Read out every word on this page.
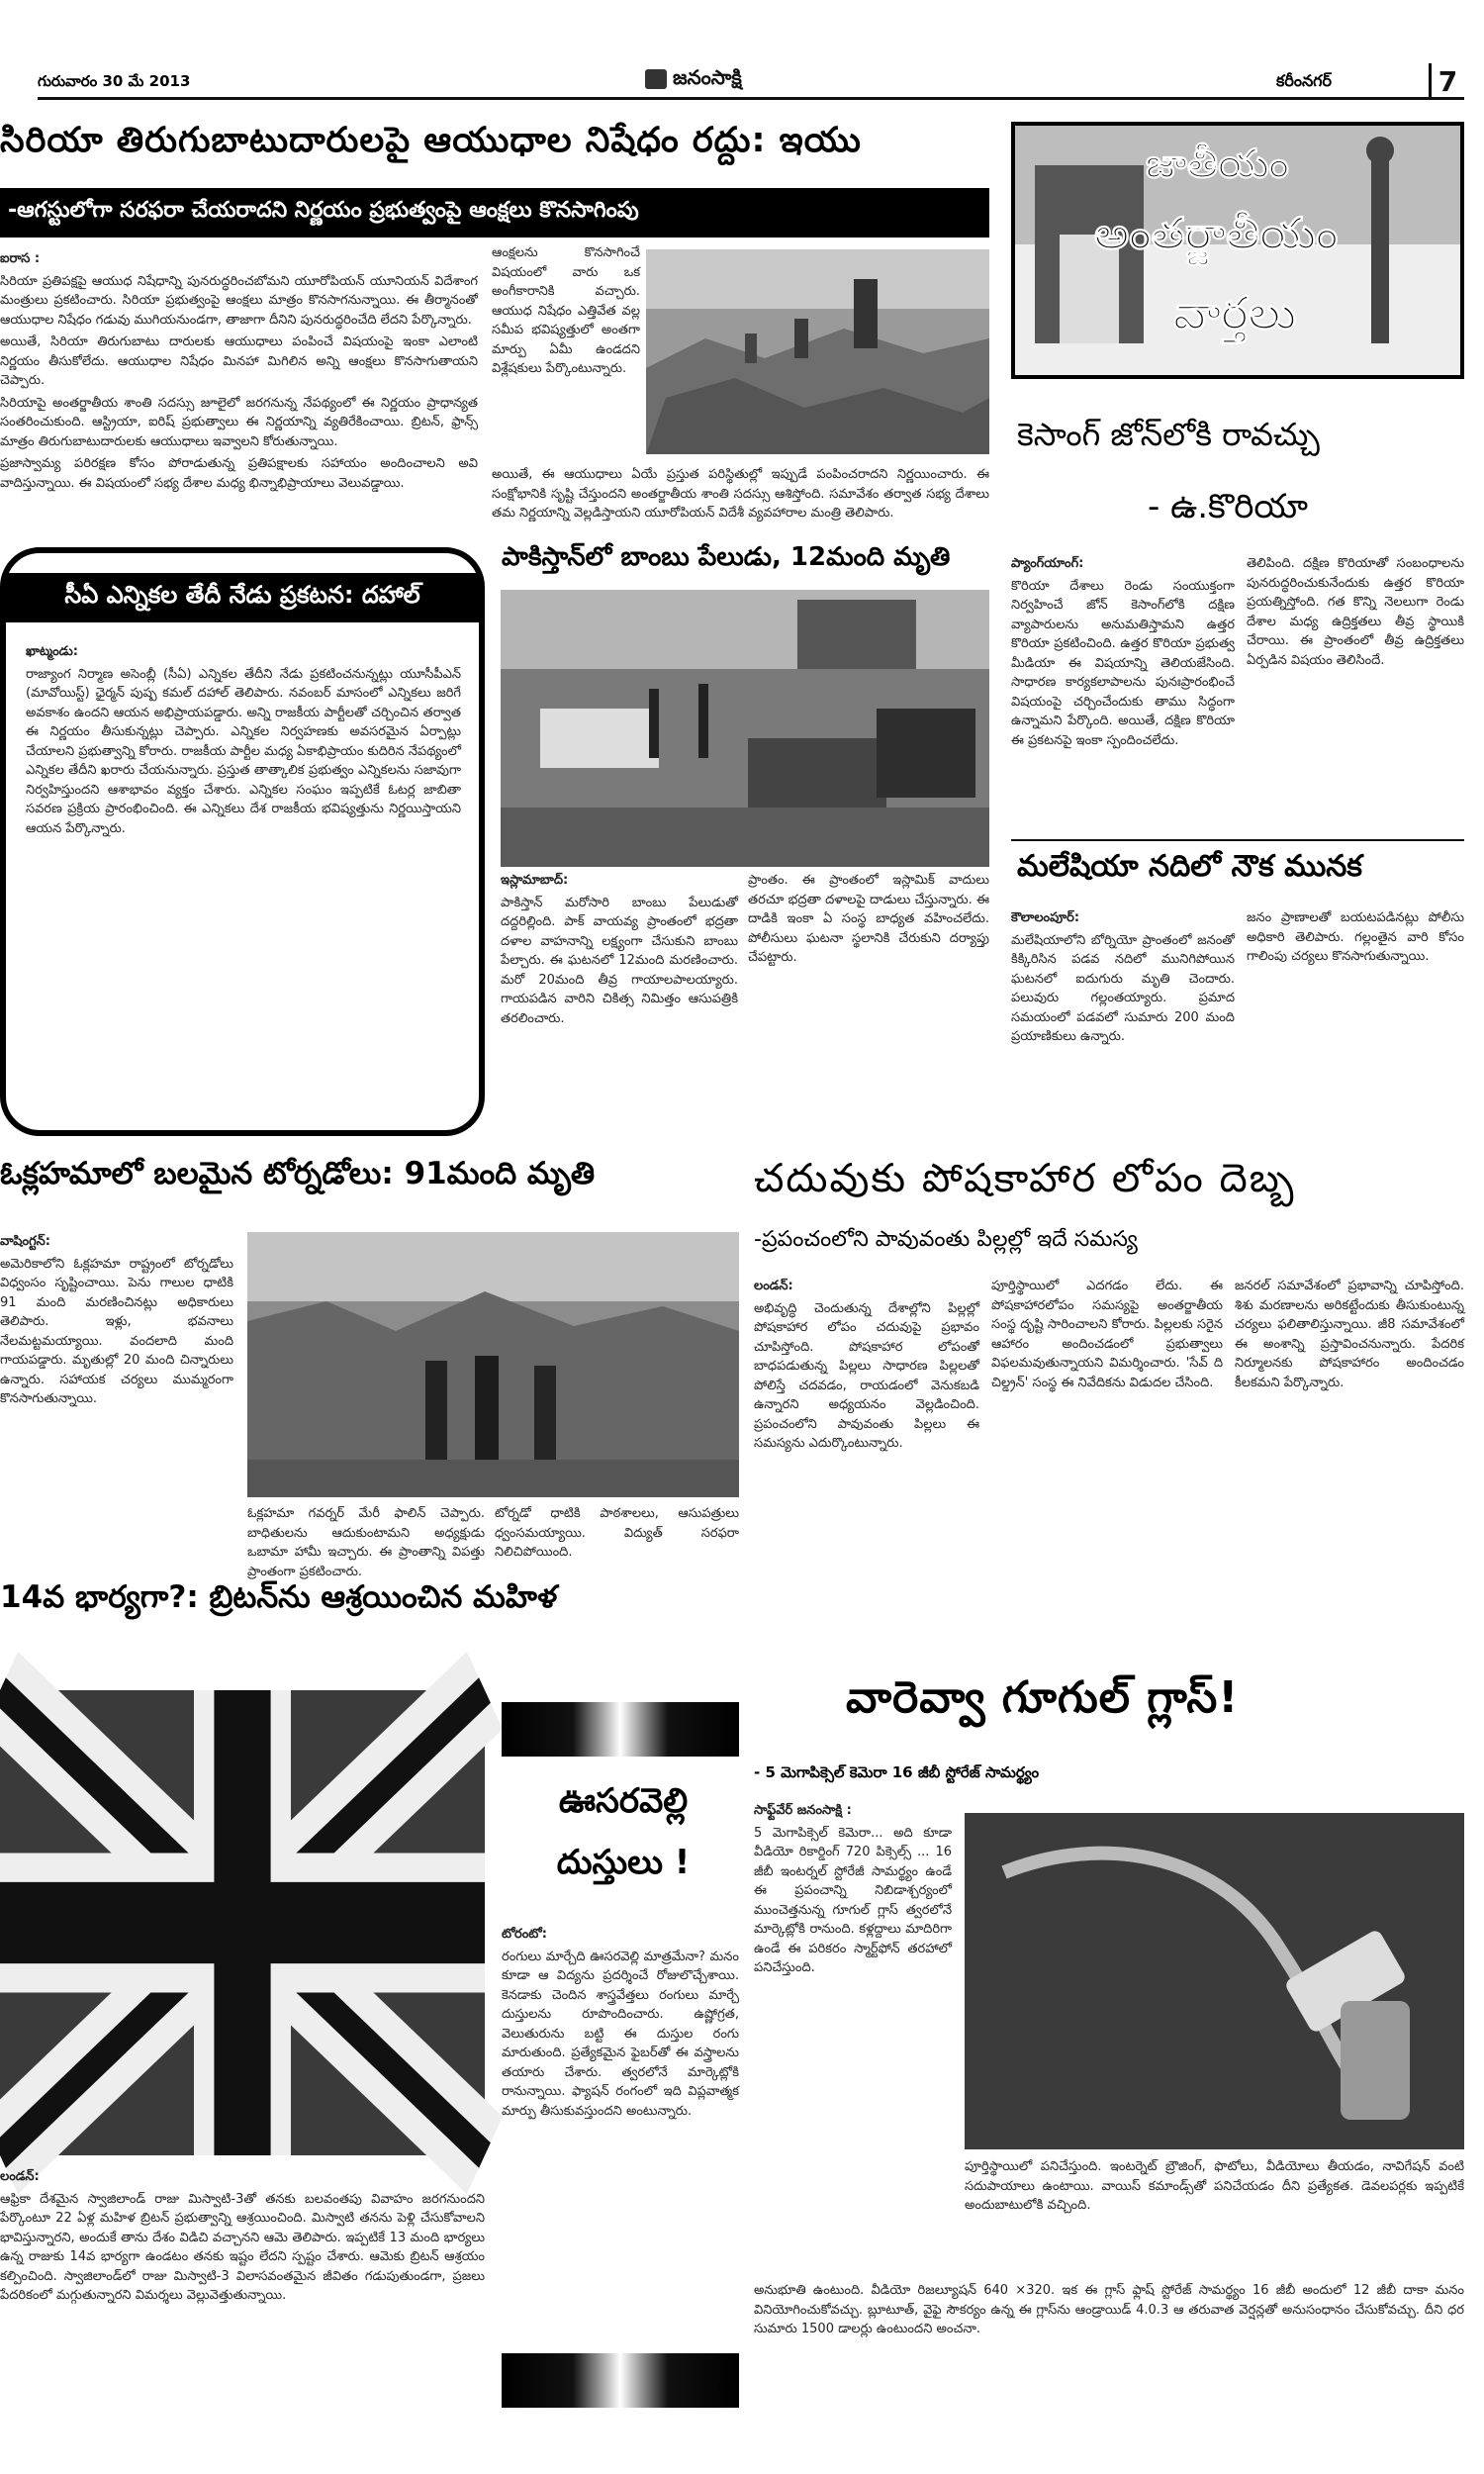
గురువారం 30 మే 2013	జనంసాక్షి	కరీంనగర్	7
సిరియా తిరుగుబాటుదారులపై ఆయుధాల నిషేధం రద్దు: ఇయు
-ఆగస్టులోగా సరఫరా చేయరాదని నిర్ణయం ప్రభుత్వంపై ఆంక్షలు కొనసాగింపు
ఐరాస :
సిరియా ప్రతిపక్షపై ఆయుధ నిషేధాన్ని పునరుద్ధరించబోమని యూరోపియన్ యూనియన్ విదేశాంగ మంత్రులు ప్రకటించారు. సిరియా ప్రభుత్వంపై ఆంక్షలు మాత్రం కొనసాగనున్నాయి. ఈ తీర్మానంతో ఆయుధాల నిషేధం గడువు ముగియనుండగా, తాజాగా దీనిని పునరుద్ధరించేది లేదని పేర్కొన్నారు.
అయితే, సిరియా తిరుగుబాటు దారులకు ఆయుధాలు పంపించే విషయంపై ఇంకా ఎలాంటి నిర్ణయం తీసుకోలేదు. ఆయుధాల నిషేధం మినహా మిగిలిన అన్ని ఆంక్షలు కొనసాగుతాయని చెప్పారు.
సిరియాపై అంతర్జాతీయ శాంతి సదస్సు జూలైలో జరగనున్న నేపథ్యంలో ఈ నిర్ణయం ప్రాధాన్యత సంతరించుకుంది. ఆస్ట్రియా, ఐరిష్ ప్రభుత్వాలు ఈ నిర్ణయాన్ని వ్యతిరేకించాయి. బ్రిటన్, ఫ్రాన్స్ మాత్రం తిరుగుబాటుదారులకు ఆయుధాలు ఇవ్వాలని కోరుతున్నాయి.
ప్రజాస్వామ్య పరిరక్షణ కోసం పోరాడుతున్న ప్రతిపక్షాలకు సహాయం అందించాలని అవి వాదిస్తున్నాయి. ఈ విషయంలో సభ్య దేశాల మధ్య భిన్నాభిప్రాయాలు వెలువడ్డాయి.
ఆంక్షలను కొనసాగించే విషయంలో వారు ఒక అంగీకారానికి వచ్చారు. ఆయుధ నిషేధం ఎత్తివేత వల్ల సమీప భవిష్యత్తులో అంతగా మార్పు ఏమీ ఉండదని విశ్లేషకులు పేర్కొంటున్నారు.
అయితే, ఈ ఆయుధాలు ఏయే ప్రస్తుత పరిస్థితుల్లో ఇప్పుడే పంపించరాదని నిర్ణయించారు. ఈ సంక్షోభానికి సృష్టి చేస్తుందని అంతర్జాతీయ శాంతి సదస్సు ఆశిస్తోంది. సమావేశం తర్వాత సభ్య దేశాలు తమ నిర్ణయాన్ని వెల్లడిస్తాయని యూరోపియన్ విదేశీ వ్యవహారాల మంత్రి తెలిపారు.
జాతీయం
అంతర్జాతీయం
వార్తలు
కెసాంగ్ జోన్‌లోకి రావచ్చు
- ఉ.కొరియా
ప్యాంగ్‌యాంగ్:
కొరియా దేశాలు రెండు సంయుక్తంగా నిర్వహించే జోన్ కెసాంగ్‌లోకి దక్షిణ వ్యాపారులను అనుమతిస్తామని ఉత్తర కొరియా ప్రకటించింది. ఉత్తర కొరియా ప్రభుత్వ మీడియా ఈ విషయాన్ని తెలియజేసింది. సాధారణ కార్యకలాపాలను పునఃప్రారంభించే విషయంపై చర్చించేందుకు తాము సిద్ధంగా ఉన్నామని పేర్కొంది. అయితే, దక్షిణ కొరియా ఈ ప్రకటనపై ఇంకా స్పందించలేదు.
తెలిపింది. దక్షిణ కొరియాతో సంబంధాలను పునరుద్ధరించుకునేందుకు ఉత్తర కొరియా ప్రయత్నిస్తోంది. గత కొన్ని నెలలుగా రెండు దేశాల మధ్య ఉద్రిక్తతలు తీవ్ర స్థాయికి చేరాయి. ఈ ప్రాంతంలో తీవ్ర ఉద్రిక్తతలు ఏర్పడిన విషయం తెలిసిందే.
సీఏ ఎన్నికల తేదీ నేడు ప్రకటన: దహాల్
ఖాట్మండు:
రాజ్యాంగ నిర్మాణ అసెంబ్లీ (సీఏ) ఎన్నికల తేదీని నేడు ప్రకటించనున్నట్లు యూసీపీఎన్ (మావోయిస్ట్) ఛైర్మన్ పుష్ప కమల్ దహాల్ తెలిపారు. నవంబర్ మాసంలో ఎన్నికలు జరిగే అవకాశం ఉందని ఆయన అభిప్రాయపడ్డారు. అన్ని రాజకీయ పార్టీలతో చర్చించిన తర్వాత ఈ నిర్ణయం తీసుకున్నట్లు చెప్పారు. ఎన్నికల నిర్వహణకు అవసరమైన ఏర్పాట్లు చేయాలని ప్రభుత్వాన్ని కోరారు. రాజకీయ పార్టీల మధ్య ఏకాభిప్రాయం కుదిరిన నేపథ్యంలో ఎన్నికల తేదీని ఖరారు చేయనున్నారు. ప్రస్తుత తాత్కాలిక ప్రభుత్వం ఎన్నికలను సజావుగా నిర్వహిస్తుందని ఆశాభావం వ్యక్తం చేశారు. ఎన్నికల సంఘం ఇప్పటికే ఓటర్ల జాబితా సవరణ ప్రక్రియ ప్రారంభించింది. ఈ ఎన్నికలు దేశ రాజకీయ భవిష్యత్తును నిర్ణయిస్తాయని ఆయన పేర్కొన్నారు.
పాకిస్తాన్‌లో బాంబు పేలుడు, 12మంది మృతి
ఇస్లామాబాద్:
పాకిస్తాన్ మరోసారి బాంబు పేలుడుతో దద్దరిల్లింది. పాక్ వాయవ్య ప్రాంతంలో భద్రతా దళాల వాహనాన్ని లక్ష్యంగా చేసుకుని బాంబు పేల్చారు. ఈ ఘటనలో 12మంది మరణించారు. మరో 20మంది తీవ్ర గాయాలపాలయ్యారు. గాయపడిన వారిని చికిత్స నిమిత్తం ఆసుపత్రికి తరలించారు.
ప్రాంతం. ఈ ప్రాంతంలో ఇస్లామిక్ వాదులు తరచూ భద్రతా దళాలపై దాడులు చేస్తున్నారు. ఈ దాడికి ఇంకా ఏ సంస్థ బాధ్యత వహించలేదు. పోలీసులు ఘటనా స్థలానికి చేరుకుని దర్యాప్తు చేపట్టారు.
మలేషియా నదిలో నౌక మునక
కౌలాలంపూర్:
మలేషియాలోని బోర్నియో ప్రాంతంలో జనంతో కిక్కిరిసిన పడవ నదిలో మునిగిపోయిన ఘటనలో ఐదుగురు మృతి చెందారు. పలువురు గల్లంతయ్యారు. ప్రమాద సమయంలో పడవలో సుమారు 200 మంది ప్రయాణికులు ఉన్నారు.
జనం ప్రాణాలతో బయటపడినట్లు పోలీసు అధికారి తెలిపారు. గల్లంతైన వారి కోసం గాలింపు చర్యలు కొనసాగుతున్నాయి.
ఓక్లహమాలో బలమైన టోర్నడోలు: 91మంది మృతి
వాషింగ్టన్:
అమెరికాలోని ఓక్లహమా రాష్ట్రంలో టోర్నడోలు విధ్వంసం సృష్టించాయి. పెను గాలుల ధాటికి 91 మంది మరణించినట్లు అధికారులు తెలిపారు. ఇళ్లు, భవనాలు నేలమట్టమయ్యాయి. వందలాది మంది గాయపడ్డారు. మృతుల్లో 20 మంది చిన్నారులు ఉన్నారు. సహాయక చర్యలు ముమ్మరంగా కొనసాగుతున్నాయి.
ఓక్లహమా గవర్నర్ మేరీ ఫాలిన్ చెప్పారు. బాధితులను ఆదుకుంటామని అధ్యక్షుడు ఒబామా హామీ ఇచ్చారు. ఈ ప్రాంతాన్ని విపత్తు ప్రాంతంగా ప్రకటించారు.
టోర్నడో ధాటికి పాఠశాలలు, ఆసుపత్రులు ధ్వంసమయ్యాయి. విద్యుత్ సరఫరా నిలిచిపోయింది.
చదువుకు పోషకాహార లోపం దెబ్బ
-ప్రపంచంలోని పావువంతు పిల్లల్లో ఇదే సమస్య
లండన్:
అభివృద్ధి చెందుతున్న దేశాల్లోని పిల్లల్లో పోషకాహార లోపం చదువుపై ప్రభావం చూపిస్తోంది. పోషకాహార లోపంతో బాధపడుతున్న పిల్లలు సాధారణ పిల్లలతో పోలిస్తే చదవడం, రాయడంలో వెనుకబడి ఉన్నారని అధ్యయనం వెల్లడించింది. ప్రపంచంలోని పావువంతు పిల్లలు ఈ సమస్యను ఎదుర్కొంటున్నారు.
పూర్తిస్థాయిలో ఎదగడం లేదు. ఈ పోషకాహారలోపం సమస్యపై అంతర్జాతీయ సంస్థ దృష్టి సారించాలని కోరారు. పిల్లలకు సరైన ఆహారం అందించడంలో ప్రభుత్వాలు విఫలమవుతున్నాయని విమర్శించారు. 'సేవ్ ది చిల్డ్రన్' సంస్థ ఈ నివేదికను విడుదల చేసింది.
జనరల్ సమావేశంలో ప్రభావాన్ని చూపిస్తోంది. శిశు మరణాలను అరికట్టేందుకు తీసుకుంటున్న చర్యలు ఫలితాలిస్తున్నాయి. జీ8 సమావేశంలో ఈ అంశాన్ని ప్రస్తావించనున్నారు. పేదరిక నిర్మూలనకు పోషకాహారం అందించడం కీలకమని పేర్కొన్నారు.
14వ భార్యగా?: బ్రిటన్‌ను ఆశ్రయించిన మహిళ
లండన్:
ఆఫ్రికా దేశమైన స్వాజిలాండ్ రాజు మిస్వాటి-3తో తనకు బలవంతపు వివాహం జరగనుందని పేర్కొంటూ 22 ఏళ్ల మహిళ బ్రిటన్ ప్రభుత్వాన్ని ఆశ్రయించింది. మిస్వాటి తనను పెళ్లి చేసుకోవాలని భావిస్తున్నారని, అందుకే తాను దేశం విడిచి వచ్చానని ఆమె తెలిపారు. ఇప్పటికే 13 మంది భార్యలు ఉన్న రాజుకు 14వ భార్యగా ఉండటం తనకు ఇష్టం లేదని స్పష్టం చేశారు. ఆమెకు బ్రిటన్ ఆశ్రయం కల్పించింది. స్వాజిలాండ్‌లో రాజు మిస్వాటి-3 విలాసవంతమైన జీవితం గడుపుతుండగా, ప్రజలు పేదరికంలో మగ్గుతున్నారని విమర్శలు వెల్లువెత్తుతున్నాయి.
ఊసరవెల్లి
దుస్తులు !
టోరంటో:
రంగులు మార్చేది ఊసరవెల్లి మాత్రమేనా? మనం కూడా ఆ విద్యను ప్రదర్శించే రోజులొచ్చేశాయి. కెనడాకు చెందిన శాస్త్రవేత్తలు రంగులు మార్చే దుస్తులను రూపొందించారు. ఉష్ణోగ్రత, వెలుతురును బట్టి ఈ దుస్తుల రంగు మారుతుంది. ప్రత్యేకమైన ఫైబర్‌తో ఈ వస్త్రాలను తయారు చేశారు. త్వరలోనే మార్కెట్లోకి రానున్నాయి. ఫ్యాషన్ రంగంలో ఇది విప్లవాత్మక మార్పు తీసుకువస్తుందని అంటున్నారు.
వారెవ్వా గూగుల్ గ్లాస్!
- 5 మెగాపిక్సెల్ కెమెరా 16 జీబీ స్టోరేజ్ సామర్థ్యం
సాఫ్ట్‌వేర్ జనంసాక్షి :
5 మెగాపిక్సెల్ కెమెరా... అది కూడా వీడియో రికార్డింగ్ 720 పిక్సెల్స్ ... 16 జీబీ ఇంటర్నల్ స్టోరేజీ సామర్థ్యం ఉండే ఈ ప్రపంచాన్ని నిబిడాశ్చర్యంలో ముంచెత్తనున్న గూగుల్ గ్లాస్ త్వరలోనే మార్కెట్లోకి రానుంది. కళ్లద్దాలు మాదిరిగా ఉండే ఈ పరికరం స్మార్ట్‌ఫోన్ తరహాలో పనిచేస్తుంది.
పూర్తిస్థాయిలో పనిచేస్తుంది. ఇంటర్నెట్ బ్రౌజింగ్, ఫొటోలు, వీడియోలు తీయడం, నావిగేషన్ వంటి సదుపాయాలు ఉంటాయి. వాయిస్ కమాండ్స్‌తో పనిచేయడం దీని ప్రత్యేకత. డెవలపర్లకు ఇప్పటికే అందుబాటులోకి వచ్చింది.
అనుభూతి ఉంటుంది. వీడియో రిజల్యూషన్ 640 ×320. ఇక ఈ గ్లాస్ ఫ్లాష్ స్టోరేజ్ సామర్థ్యం 16 జీబీ అందులో 12 జీబీ దాకా మనం వినియోగించుకోవచ్చు. బ్లూటూత్, వైఫై సౌకర్యం ఉన్న ఈ గ్లాస్‌ను ఆండ్రాయిడ్ 4.0.3 ఆ తరువాత వెర్షన్లతో అనుసంధానం చేసుకోవచ్చు. దీని ధర సుమారు 1500 డాలర్లు ఉంటుందని అంచనా.
